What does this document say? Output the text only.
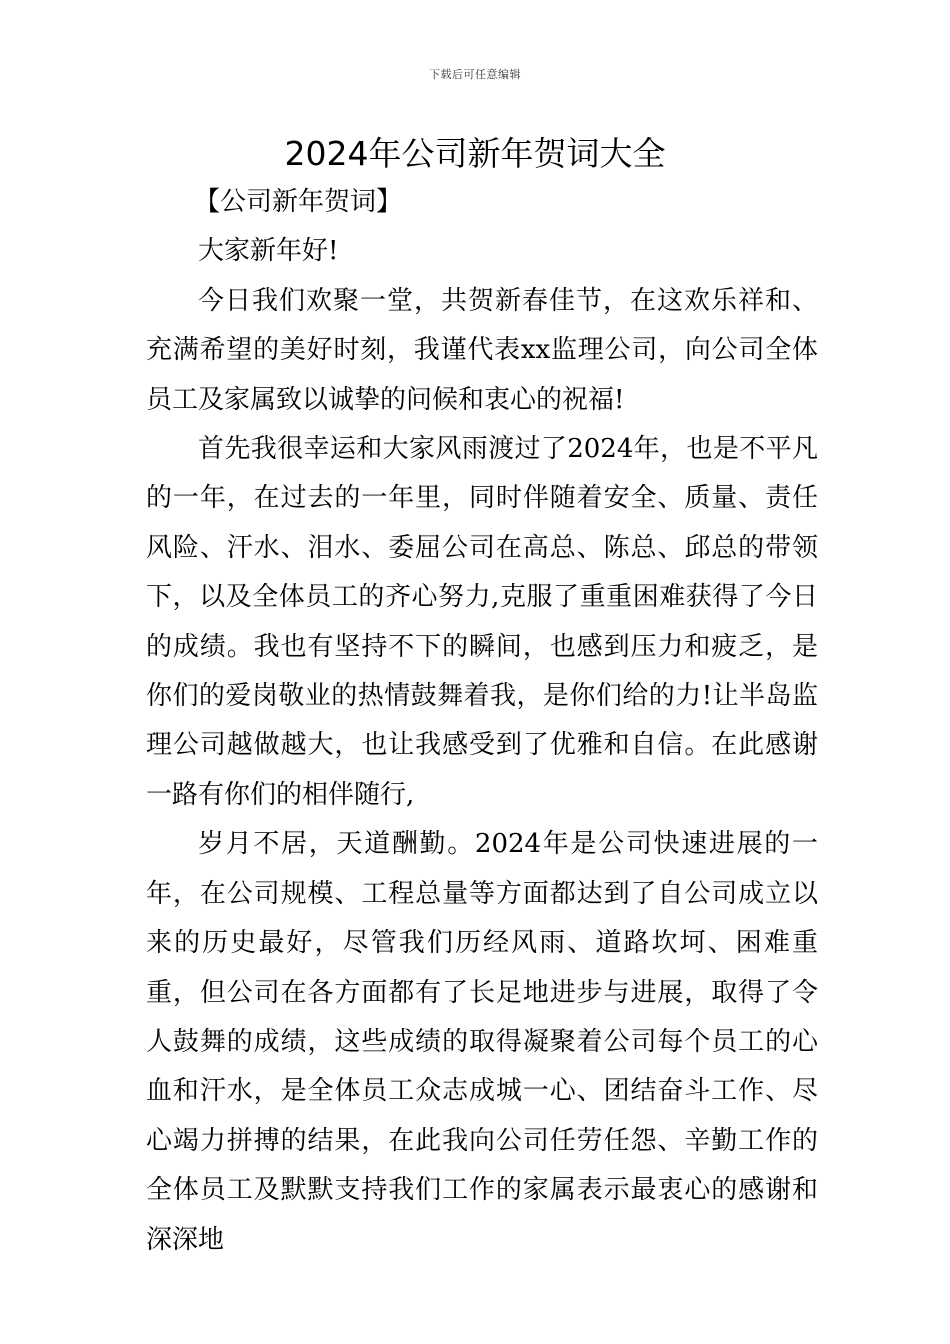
下载后可任意编辑
2024年公司新年贺词大全

【公司新年贺词】

大家新年好!

今日我们欢聚一堂，共贺新春佳节，在这欢乐祥和、充满希望的美好时刻，我谨代表xx监理公司，向公司全体员工及家属致以诚挚的问候和衷心的祝福!

首先我很幸运和大家风雨渡过了2024年，也是不平凡的一年，在过去的一年里，同时伴随着安全、质量、责任风险、汗水、泪水、委屈公司在高总、陈总、邱总的带领下，以及全体员工的齐心努力,克服了重重困难获得了今日的成绩。我也有坚持不下的瞬间，也感到压力和疲乏，是你们的爱岗敬业的热情鼓舞着我，是你们给的力!让半岛监理公司越做越大，也让我感受到了优雅和自信。在此感谢一路有你们的相伴随行,

岁月不居，天道酬勤。2024年是公司快速进展的一年，在公司规模、工程总量等方面都达到了自公司成立以来的历史最好，尽管我们历经风雨、道路坎坷、困难重重，但公司在各方面都有了长足地进步与进展，取得了令人鼓舞的成绩，这些成绩的取得凝聚着公司每个员工的心血和汗水，是全体员工众志成城一心、团结奋斗工作、尽心竭力拼搏的结果，在此我向公司任劳任怨、辛勤工作的全体员工及默默支持我们工作的家属表示最衷心的感谢和深深地
